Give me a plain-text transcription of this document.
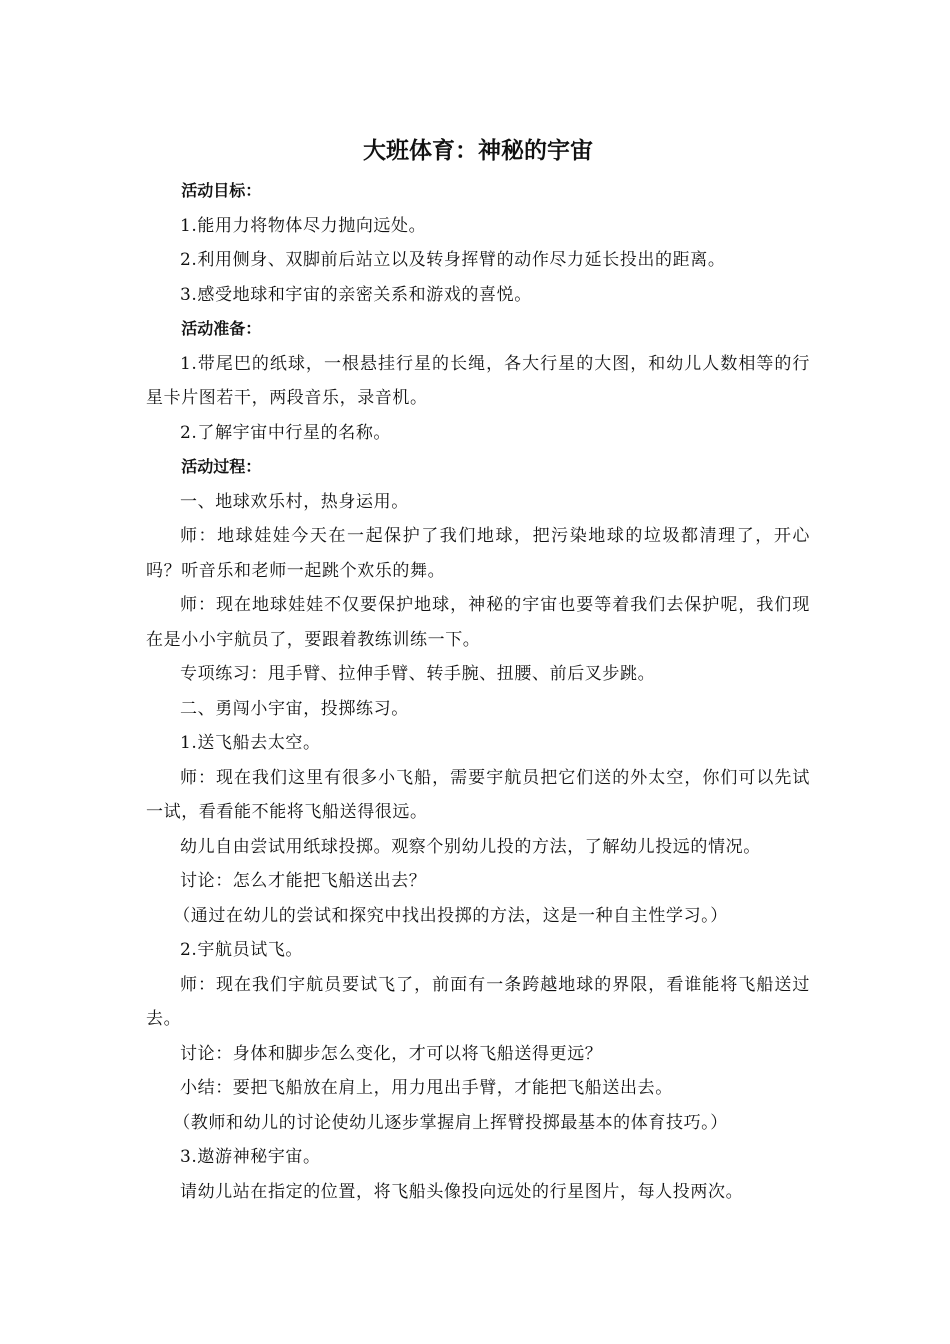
大班体育：神秘的宇宙

活动目标：

1.能用力将物体尽力抛向远处。

2.利用侧身、双脚前后站立以及转身挥臂的动作尽力延长投出的距离。

3.感受地球和宇宙的亲密关系和游戏的喜悦。

活动准备：

1.带尾巴的纸球，一根悬挂行星的长绳，各大行星的大图，和幼儿人数相等的行星卡片图若干，两段音乐，录音机。

2.了解宇宙中行星的名称。

活动过程：

一、地球欢乐村，热身运用。

师：地球娃娃今天在一起保护了我们地球，把污染地球的垃圾都清理了，开心吗？听音乐和老师一起跳个欢乐的舞。

师：现在地球娃娃不仅要保护地球，神秘的宇宙也要等着我们去保护呢，我们现在是小小宇航员了，要跟着教练训练一下。

专项练习：甩手臂、拉伸手臂、转手腕、扭腰、前后叉步跳。

二、勇闯小宇宙，投掷练习。

1.送飞船去太空。

师：现在我们这里有很多小飞船，需要宇航员把它们送的外太空，你们可以先试一试，看看能不能将飞船送得很远。

幼儿自由尝试用纸球投掷。观察个别幼儿投的方法，了解幼儿投远的情况。

讨论：怎么才能把飞船送出去？

（通过在幼儿的尝试和探究中找出投掷的方法，这是一种自主性学习。）

2.宇航员试飞。

师：现在我们宇航员要试飞了，前面有一条跨越地球的界限，看谁能将飞船送过去。

讨论：身体和脚步怎么变化，才可以将飞船送得更远？

小结：要把飞船放在肩上，用力甩出手臂，才能把飞船送出去。

（教师和幼儿的讨论使幼儿逐步掌握肩上挥臂投掷最基本的体育技巧。）

3.遨游神秘宇宙。

请幼儿站在指定的位置，将飞船头像投向远处的行星图片，每人投两次。
